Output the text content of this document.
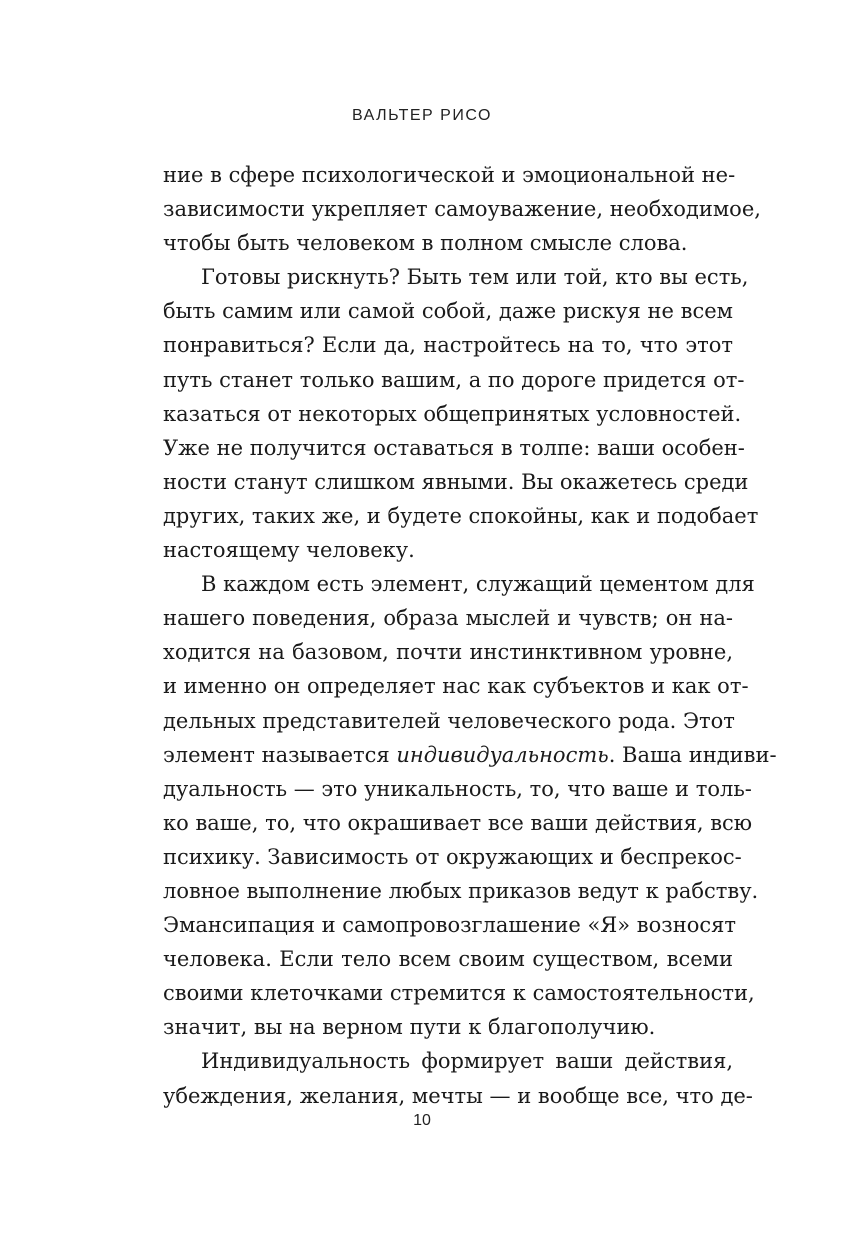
ВАЛЬТЕР РИСО
ние в сфере психологической и эмоциональной не-
зависимости укрепляет самоуважение, необходимое,
чтобы быть человеком в полном смысле слова.
Готовы рискнуть? Быть тем или той, кто вы есть,
быть самим или самой собой, даже рискуя не всем
понравиться? Если да, настройтесь на то, что этот
путь станет только вашим, а по дороге придется от-
казаться от некоторых общепринятых условностей.
Уже не получится оставаться в толпе: ваши особен-
ности станут слишком явными. Вы окажетесь среди
других, таких же, и будете спокойны, как и подобает
настоящему человеку.
В каждом есть элемент, служащий цементом для
нашего поведения, образа мыслей и чувств; он на-
ходится на базовом, почти инстинктивном уровне,
и именно он определяет нас как субъектов и как от-
дельных представителей человеческого рода. Этот
элемент называется индивидуальность. Ваша индиви-
дуальность — это уникальность, то, что ваше и толь-
ко ваше, то, что окрашивает все ваши действия, всю
психику. Зависимость от окружающих и беспрекос-
ловное выполнение любых приказов ведут к рабству.
Эмансипация и самопровозглашение «Я» возносят
человека. Если тело всем своим существом, всеми
своими клеточками стремится к самостоятельности,
значит, вы на верном пути к благополучию.
Индивидуальность формирует ваши действия,
убеждения, желания, мечты — и вообще все, что де-
10
